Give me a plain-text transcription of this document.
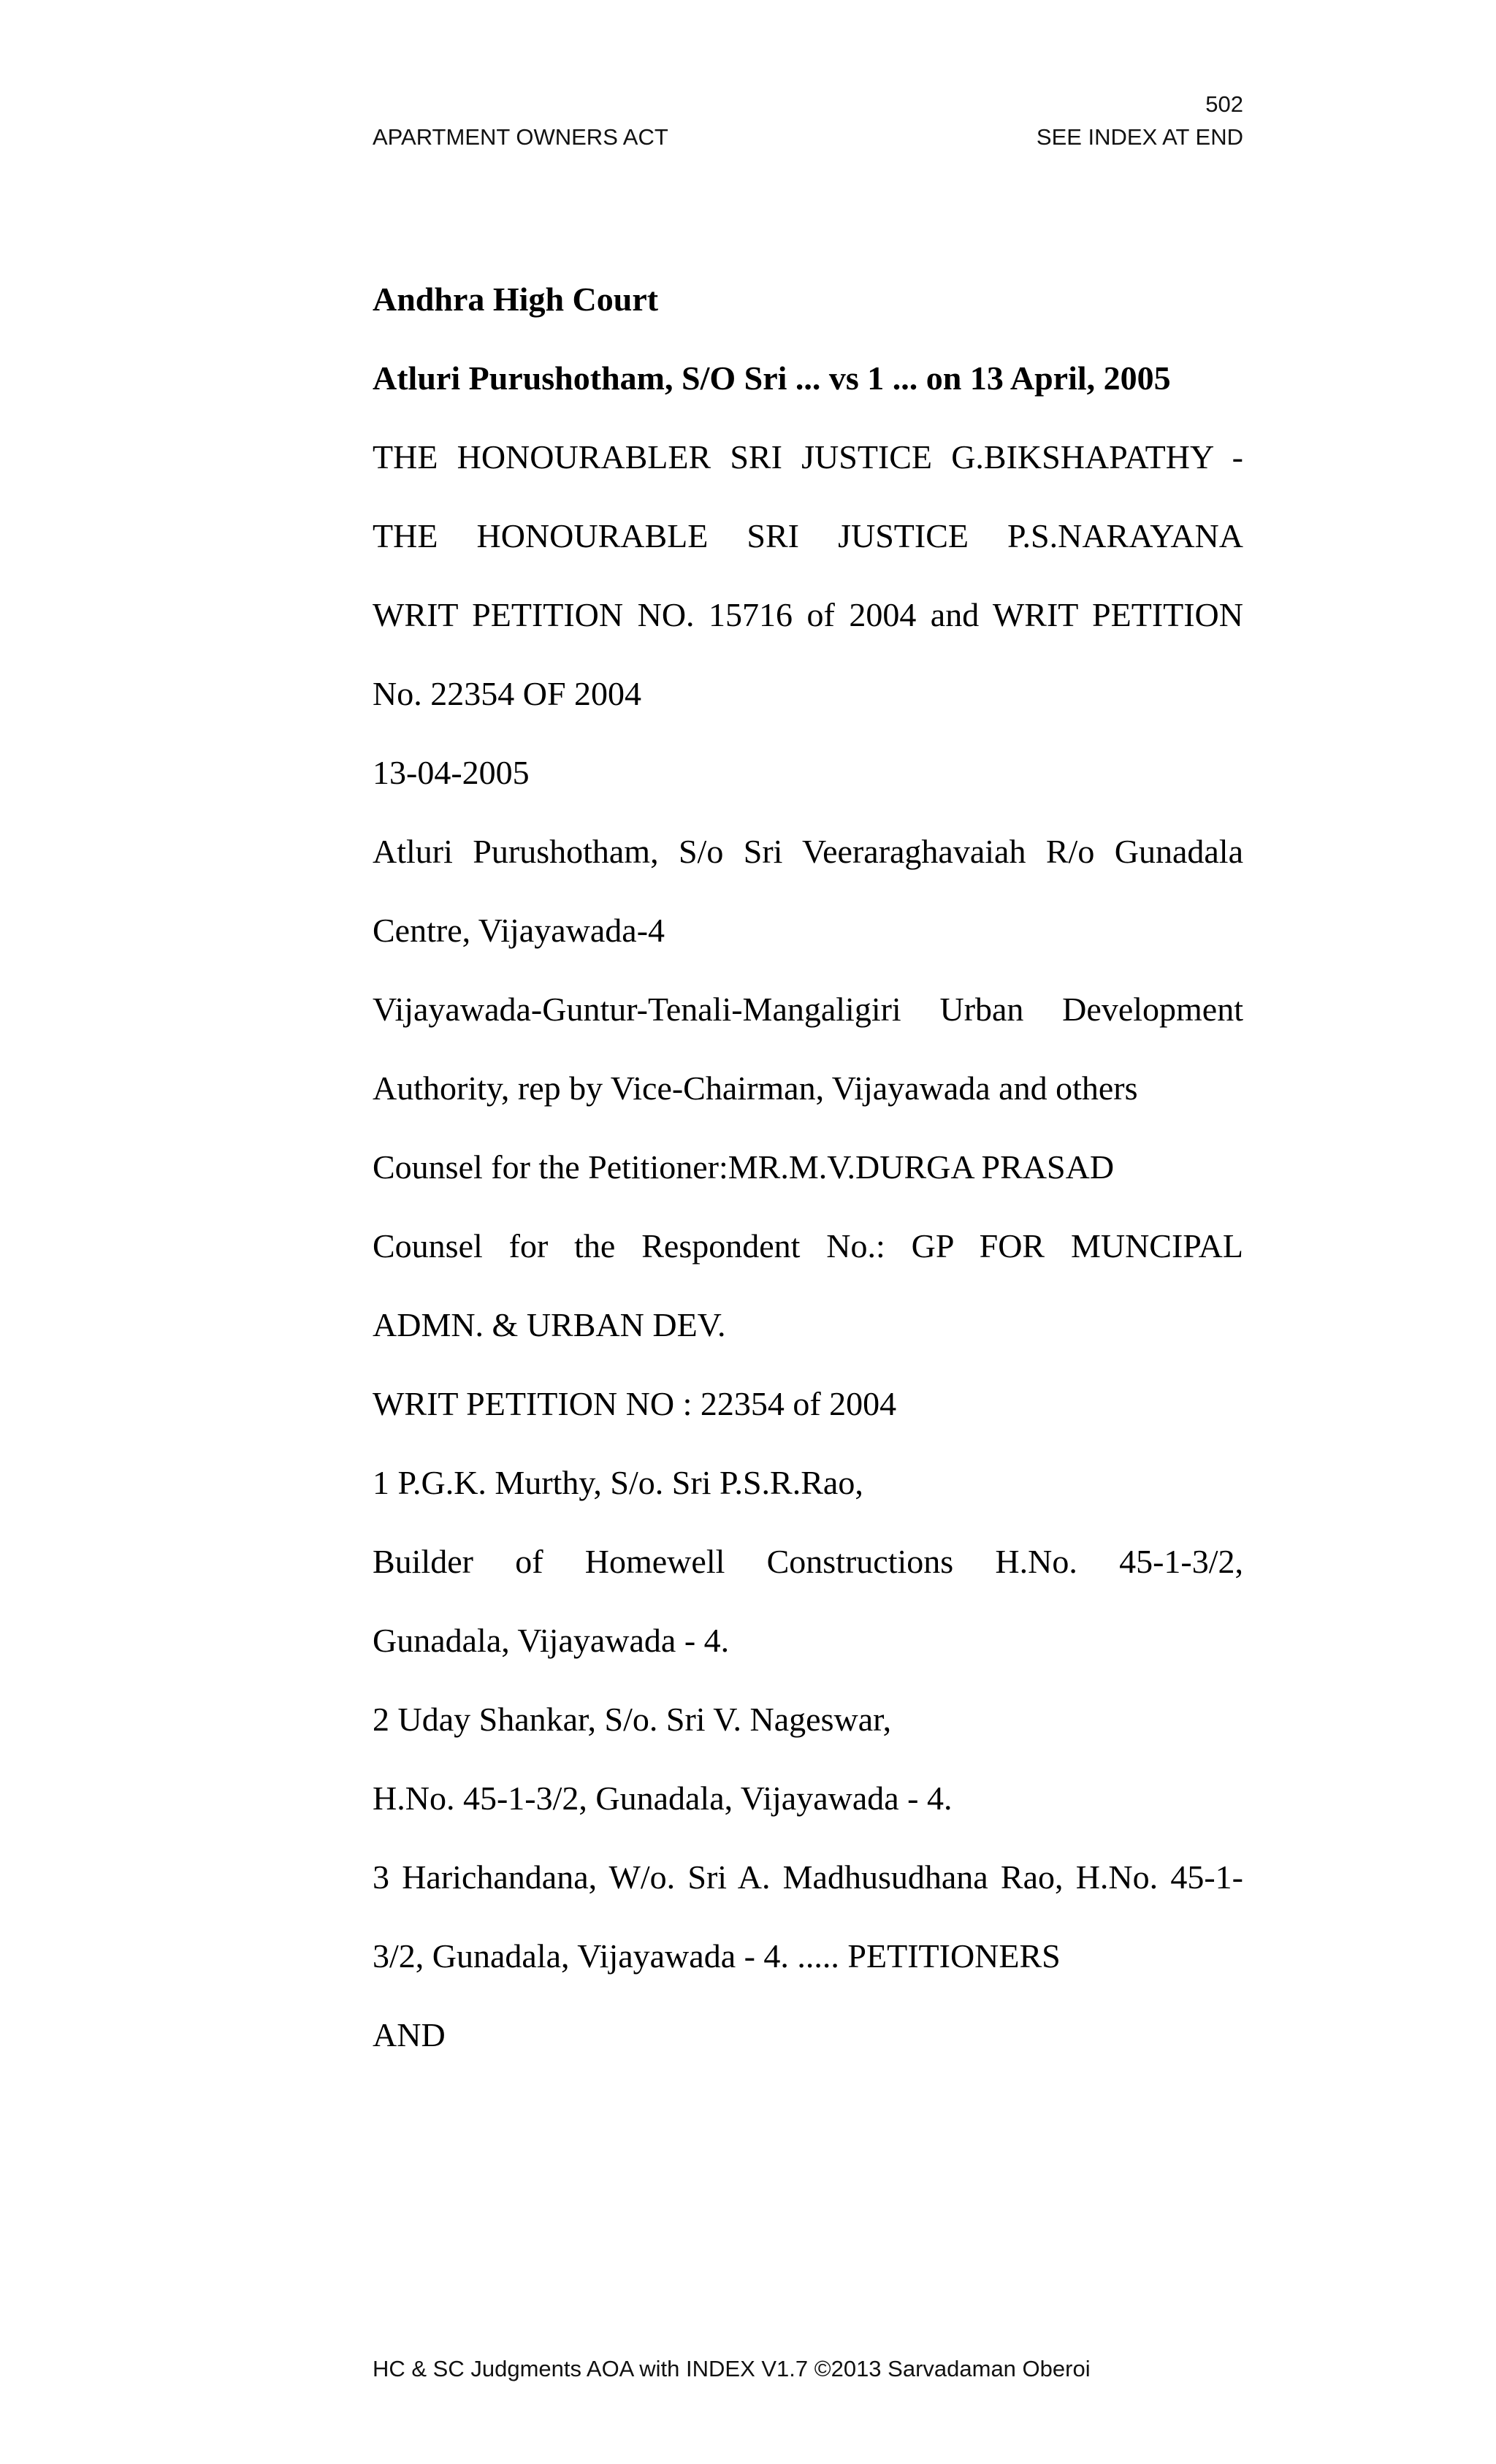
502
APARTMENT OWNERS ACT	SEE INDEX AT END
Andhra High Court
Atluri Purushotham, S/O Sri ... vs 1 ... on 13 April, 2005
THE HONOURABLER SRI JUSTICE G.BIKSHAPATHY -
THE HONOURABLE SRI JUSTICE P.S.NARAYANA
WRIT PETITION NO. 15716 of 2004 and WRIT PETITION
No. 22354 OF 2004
13-04-2005
Atluri Purushotham, S/o Sri Veeraraghavaiah R/o Gunadala
Centre, Vijayawada-4
Vijayawada-Guntur-Tenali-Mangaligiri Urban Development
Authority, rep by Vice-Chairman, Vijayawada and others
Counsel for the Petitioner:MR.M.V.DURGA PRASAD
Counsel for the Respondent No.: GP FOR MUNCIPAL
ADMN. & URBAN DEV.
WRIT PETITION NO : 22354 of 2004
1 P.G.K. Murthy, S/o. Sri P.S.R.Rao,
Builder of Homewell Constructions H.No. 45-1-3/2,
Gunadala, Vijayawada - 4.
2 Uday Shankar, S/o. Sri V. Nageswar,
H.No. 45-1-3/2, Gunadala, Vijayawada - 4.
3 Harichandana, W/o. Sri A. Madhusudhana Rao, H.No. 45-1-
3/2, Gunadala, Vijayawada - 4. ..... PETITIONERS
AND
HC & SC Judgments AOA with INDEX V1.7 ©2013 Sarvadaman Oberoi
